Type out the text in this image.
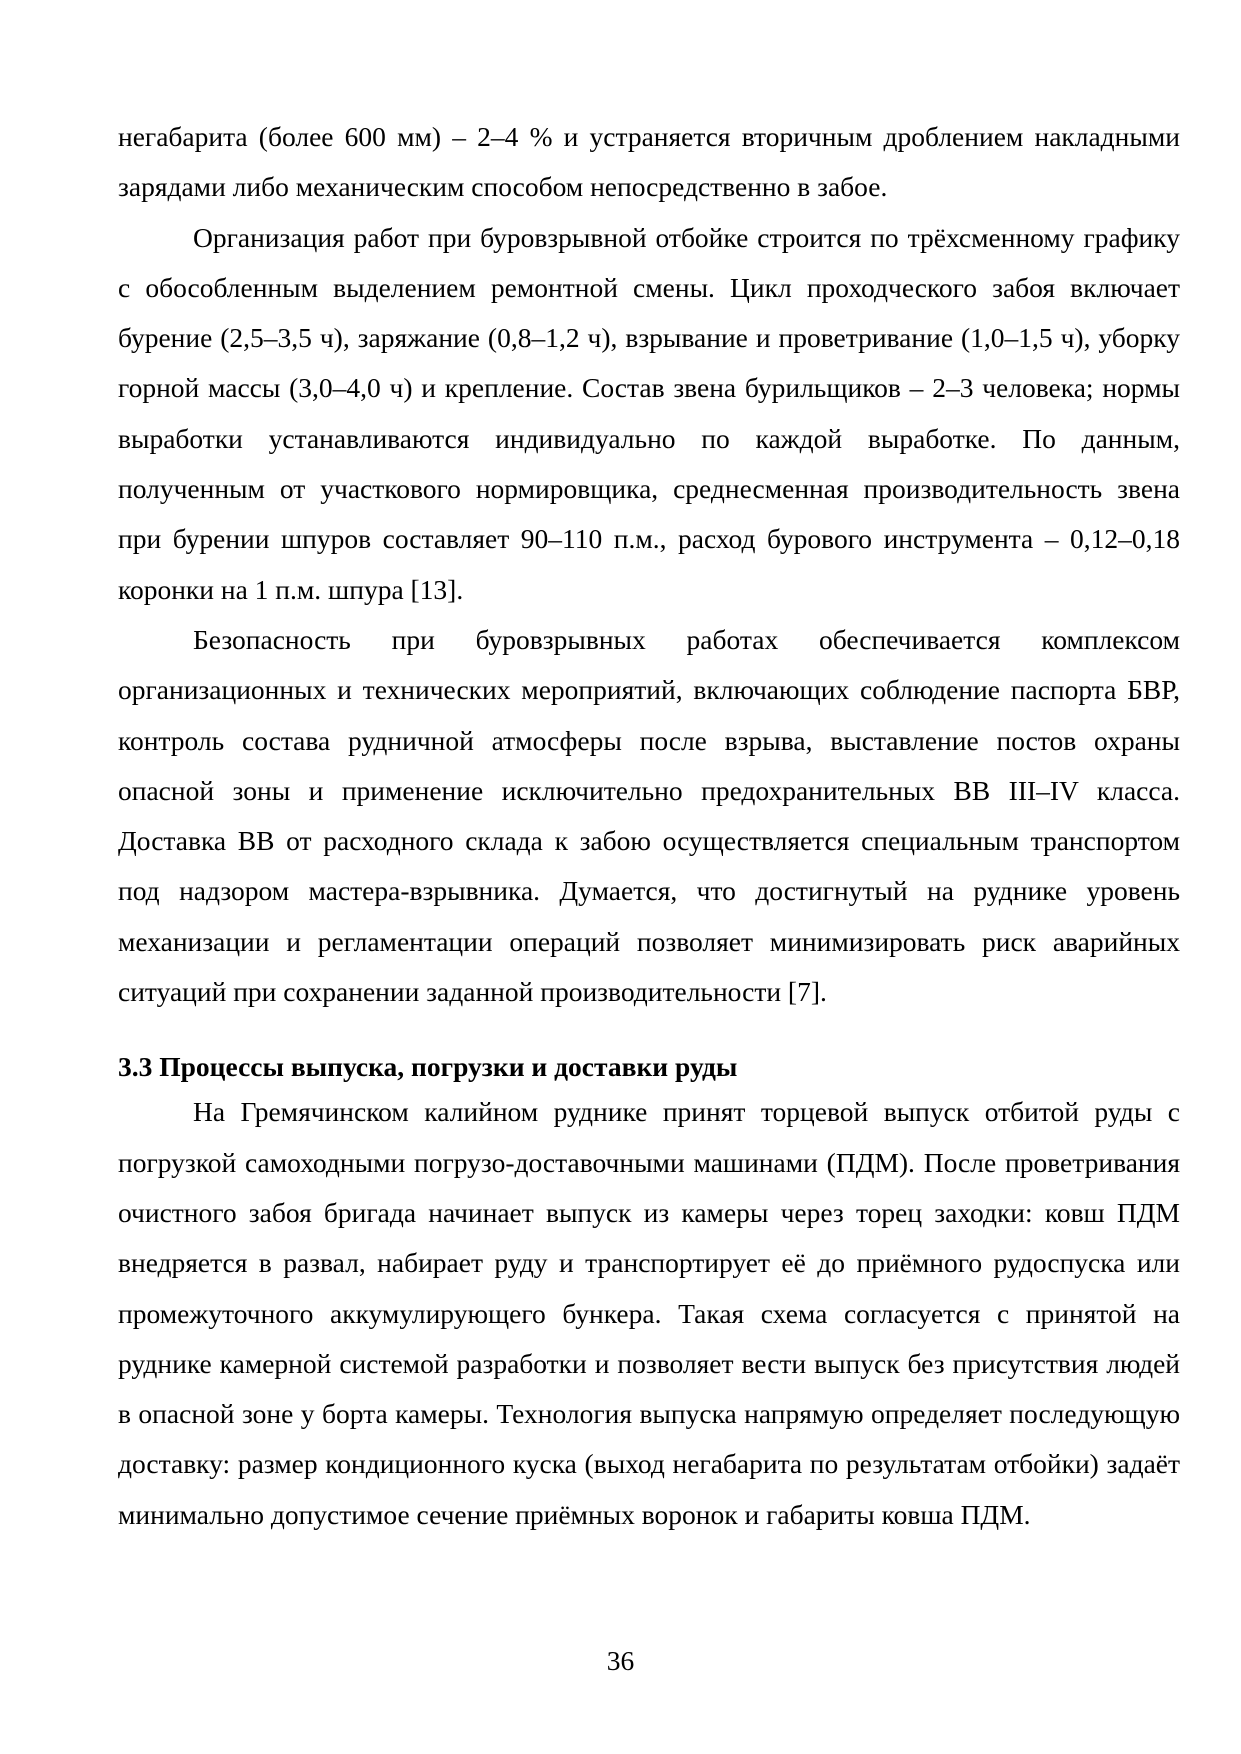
негабарита (более 600 мм) – 2–4 % и устраняется вторичным дроблением накладными зарядами либо механическим способом непосредственно в забое.

Организация работ при буровзрывной отбойке строится по трёхсменному графику с обособленным выделением ремонтной смены. Цикл проходческого забоя включает бурение (2,5–3,5 ч), заряжание (0,8–1,2 ч), взрывание и проветривание (1,0–1,5 ч), уборку горной массы (3,0–4,0 ч) и крепление. Состав звена бурильщиков – 2–3 человека; нормы выработки устанавливаются индивидуально по каждой выработке. По данным, полученным от участкового нормировщика, среднесменная производительность звена при бурении шпуров составляет 90–110 п.м., расход бурового инструмента – 0,12–0,18 коронки на 1 п.м. шпура [13].

Безопасность при буровзрывных работах обеспечивается комплексом организационных и технических мероприятий, включающих соблюдение паспорта БВР, контроль состава рудничной атмосферы после взрыва, выставление постов охраны опасной зоны и применение исключительно предохранительных ВВ III–IV класса. Доставка ВВ от расходного склада к забою осуществляется специальным транспортом под надзором мастера-взрывника. Думается, что достигнутый на руднике уровень механизации и регламентации операций позволяет минимизировать риск аварийных ситуаций при сохранении заданной производительности [7].

3.3 Процессы выпуска, погрузки и доставки руды

На Гремячинском калийном руднике принят торцевой выпуск отбитой руды с погрузкой самоходными погрузо-доставочными машинами (ПДМ). После проветривания очистного забоя бригада начинает выпуск из камеры через торец заходки: ковш ПДМ внедряется в развал, набирает руду и транспортирует её до приёмного рудоспуска или промежуточного аккумулирующего бункера. Такая схема согласуется с принятой на руднике камерной системой разработки и позволяет вести выпуск без присутствия людей в опасной зоне у борта камеры. Технология выпуска напрямую определяет последующую доставку: размер кондиционного куска (выход негабарита по результатам отбойки) задаёт минимально допустимое сечение приёмных воронок и габариты ковша ПДМ.

36
